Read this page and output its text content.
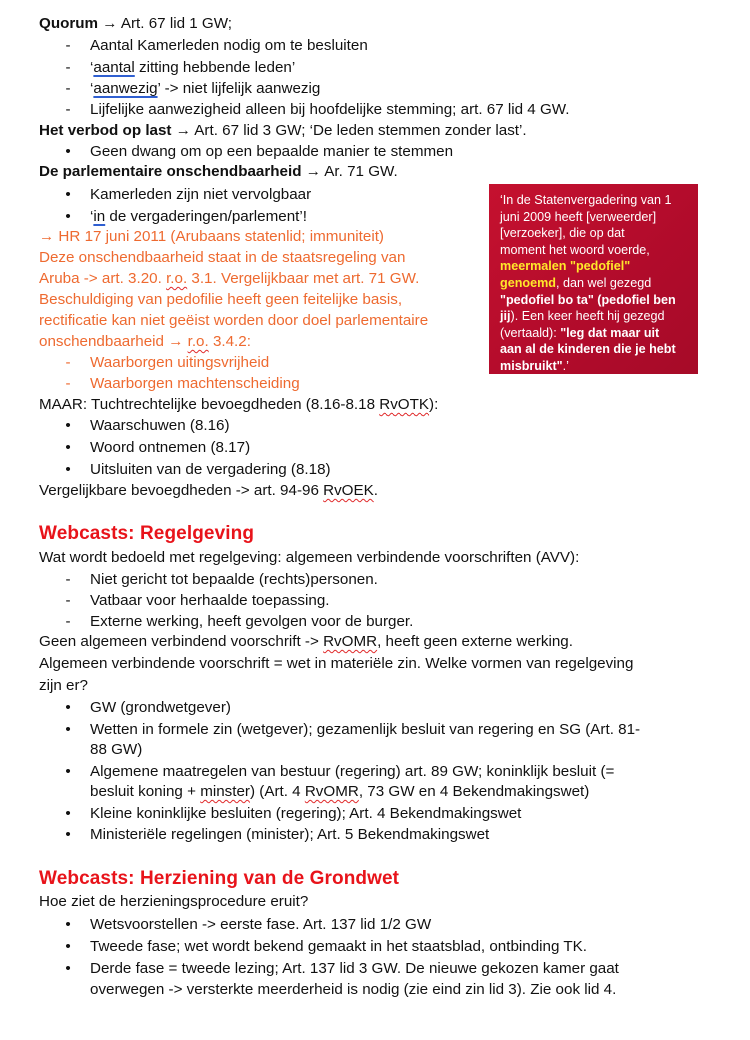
Quorum → Art. 67 lid 1 GW;
- Aantal Kamerleden nodig om te besluiten
- ‘aantal zitting hebbende leden’
- ‘aanwezig’ -> niet lijfelijk aanwezig
- Lijfelijke aanwezigheid alleen bij hoofdelijke stemming; art. 67 lid 4 GW.
Het verbod op last → Art. 67 lid 3 GW; ‘De leden stemmen zonder last’.
• Geen dwang om op een bepaalde manier te stemmen
De parlementaire onschendbaarheid → Ar. 71 GW.
• Kamerleden zijn niet vervolgbaar
• ‘in de vergaderingen/parlement’!
→ HR 17 juni 2011 (Arubaans statenlid; immuniteit)
Deze onschendbaarheid staat in de staatsregeling van
Aruba -> art. 3.20. r.o. 3.1. Vergelijkbaar met art. 71 GW.
Beschuldiging van pedofilie heeft geen feitelijke basis,
rectificatie kan niet geëist worden door doel parlementaire
onschendbaarheid → r.o. 3.4.2:
- Waarborgen uitingsvrijheid
- Waarborgen machtenscheiding
MAAR: Tuchtrechtelijke bevoegdheden (8.16-8.18 RvOTK):
• Waarschuwen (8.16)
• Woord ontnemen (8.17)
• Uitsluiten van de vergadering (8.18)
Vergelijkbare bevoegdheden -> art. 94-96 RvOEK.
Webcasts: Regelgeving
Wat wordt bedoeld met regelgeving: algemeen verbindende voorschriften (AVV):
- Niet gericht tot bepaalde (rechts)personen.
- Vatbaar voor herhaalde toepassing.
- Externe werking, heeft gevolgen voor de burger.
Geen algemeen verbindend voorschrift -> RvOMR, heeft geen externe werking.
Algemeen verbindende voorschrift = wet in materiële zin. Welke vormen van regelgeving
zijn er?
• GW (grondwetgever)
• Wetten in formele zin (wetgever); gezamenlijk besluit van regering en SG (Art. 81-
88 GW)
• Algemene maatregelen van bestuur (regering) art. 89 GW; koninklijk besluit (=
besluit koning + minster) (Art. 4 RvOMR, 73 GW en 4 Bekendmakingswet)
• Kleine koninklijke besluiten (regering); Art. 4 Bekendmakingswet
• Ministeriële regelingen (minister); Art. 5 Bekendmakingswet
Webcasts: Herziening van de Grondwet
Hoe ziet de herzieningsprocedure eruit?
• Wetsvoorstellen -> eerste fase. Art. 137 lid 1/2 GW
• Tweede fase; wet wordt bekend gemaakt in het staatsblad, ontbinding TK.
• Derde fase = tweede lezing; Art. 137 lid 3 GW. De nieuwe gekozen kamer gaat
overwegen -> versterkte meerderheid is nodig (zie eind zin lid 3). Zie ook lid 4.
‘In de Statenvergadering van 1
juni 2009 heeft [verweerder]
[verzoeker], die op dat
moment het woord voerde,
meermalen "pedofiel"
genoemd, dan wel gezegd
"pedofiel bo ta" (pedofiel ben
jij). Een keer heeft hij gezegd
(vertaald): "leg dat maar uit
aan al de kinderen die je hebt
misbruikt".’
